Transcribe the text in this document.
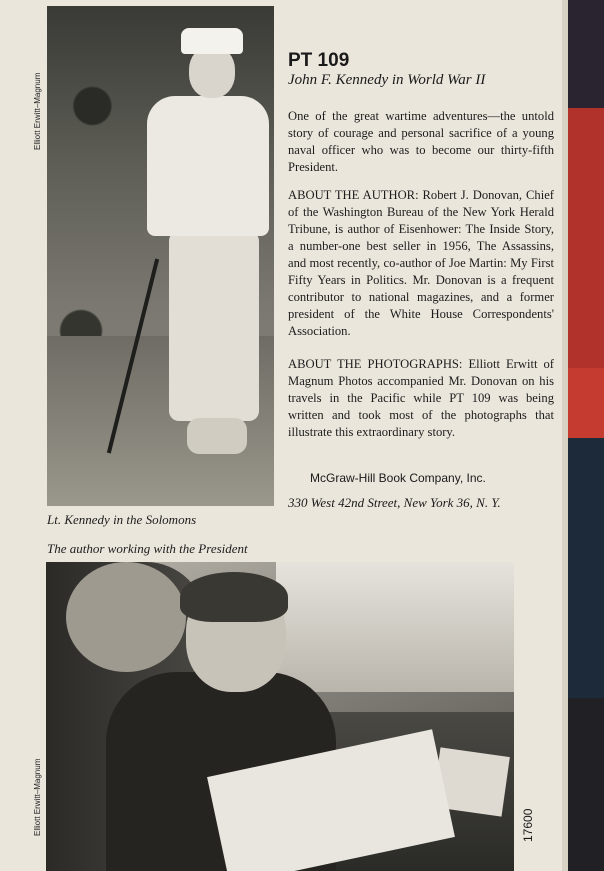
Elliott Erwitt–Magnum
Lt. Kennedy in the Solomons
PT 109
John F. Kennedy in World War II

One of the great wartime adventures—the untold story of courage and personal sacrifice of a young naval officer who was to become our thirty-fifth President.

ABOUT THE AUTHOR: Robert J. Donovan, Chief of the Washington Bureau of the New York Herald Tribune, is author of Eisenhower: The Inside Story, a number-one best seller in 1956, The Assassins, and most recently, co-author of Joe Martin: My First Fifty Years in Politics. Mr. Donovan is a frequent contributor to national magazines, and a former president of the White House Correspondents' Association.

ABOUT THE PHOTOGRAPHS: Elliott Erwitt of Magnum Photos accompanied Mr. Donovan on his travels in the Pacific while PT 109 was being written and took most of the photographs that illustrate this extraordinary story.

McGraw-Hill Book Company, Inc.
330 West 42nd Street, New York 36, N. Y.
The author working with the President
Elliott Erwitt–Magnum	17600
